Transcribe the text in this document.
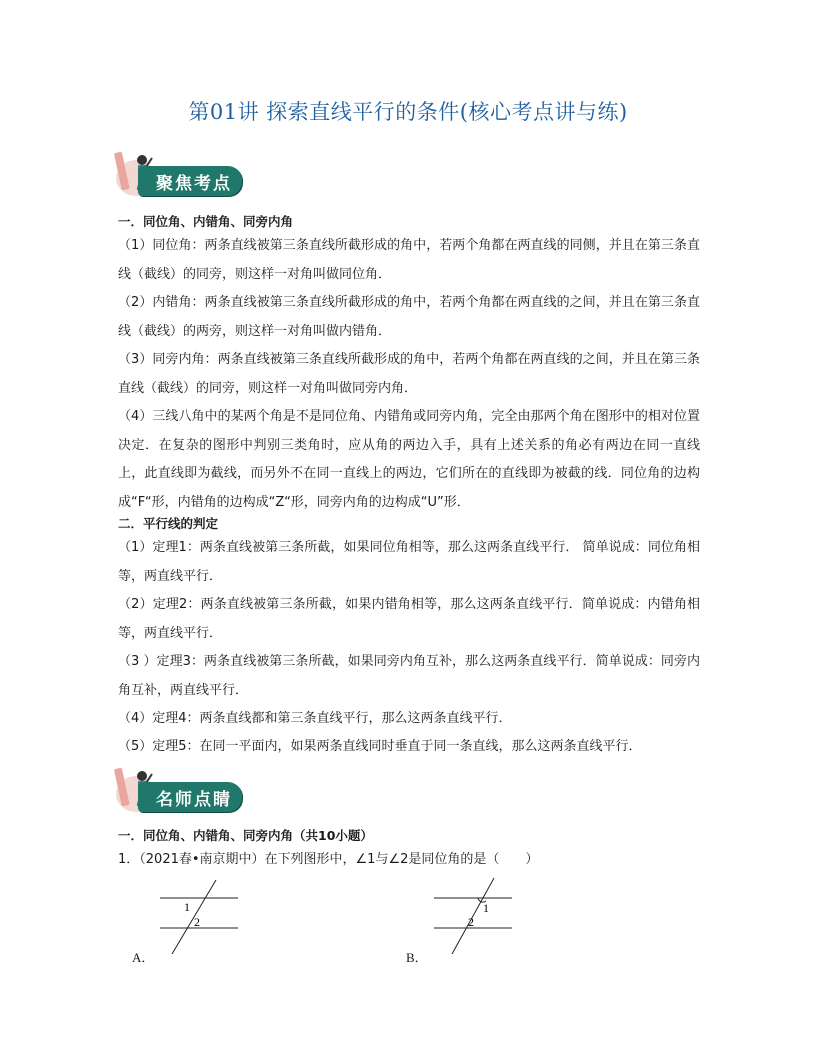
第01讲 探索直线平行的条件(核心考点讲与练)
聚焦考点
一．同位角、内错角、同旁内角
（1）同位角：两条直线被第三条直线所截形成的角中，若两个角都在两直线的同侧，并且在第三条直线（截线）的同旁，则这样一对角叫做同位角．
（2）内错角：两条直线被第三条直线所截形成的角中，若两个角都在两直线的之间，并且在第三条直线（截线）的两旁，则这样一对角叫做内错角．
（3）同旁内角：两条直线被第三条直线所截形成的角中，若两个角都在两直线的之间，并且在第三条直线（截线）的同旁，则这样一对角叫做同旁内角．
（4）三线八角中的某两个角是不是同位角、内错角或同旁内角，完全由那两个角在图形中的相对位置决定．在复杂的图形中判别三类角时，应从角的两边入手，具有上述关系的角必有两边在同一直线上，此直线即为截线，而另外不在同一直线上的两边，它们所在的直线即为被截的线．同位角的边构成“F“形，内错角的边构成“Z“形，同旁内角的边构成“U”形．
二．平行线的判定
（1）定理1：两条直线被第三条所截，如果同位角相等，那么这两条直线平行． 简单说成：同位角相等，两直线平行．
（2）定理2：两条直线被第三条所截，如果内错角相等，那么这两条直线平行．简单说成：内错角相等，两直线平行．
（3 ）定理3：两条直线被第三条所截，如果同旁内角互补，那么这两条直线平行．简单说成：同旁内角互补，两直线平行．
（4）定理4：两条直线都和第三条直线平行，那么这两条直线平行．
（5）定理5：在同一平面内，如果两条直线同时垂直于同一条直线，那么这两条直线平行．
名师点睛
一．同位角、内错角、同旁内角（共10小题）
1．（2021春•南京期中）在下列图形中，∠1与∠2是同位角的是（　　）
1
2
A．
1
2
B．
